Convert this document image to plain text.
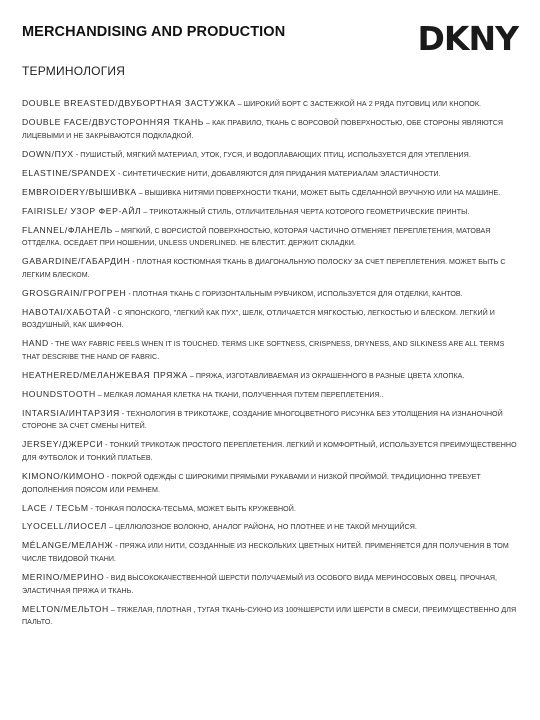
MERCHANDISING AND PRODUCTION	DKNY
ТЕРМИНОЛОГИЯ

DOUBLE BREASTED/ДВУБОРТНАЯ ЗАСТУЖКА – ШИРОКИЙ БОРТ С ЗАСТЕЖКОЙ НА 2 РЯДА ПУГОВИЦ ИЛИ КНОПОК.

DOUBLE FACE/ДВУСТОРОННЯЯ ТКАНЬ – КАК ПРАВИЛО, ТКАНЬ С ВОРСОВОЙ ПОВЕРХНОСТЬЮ, ОБЕ СТОРОНЫ ЯВЛЯЮТСЯ ЛИЦЕВЫМИ И НЕ ЗАКРЫВАЮТСЯ ПОДКЛАДКОЙ.

DOWN/ПУХ - ПУШИСТЫЙ, МЯГКИЙ МАТЕРИАЛ, УТОК, ГУСЯ, И ВОДОПЛАВАЮЩИХ ПТИЦ. ИСПОЛЬЗУЕТСЯ ДЛЯ УТЕПЛЕНИЯ.

ELASTINE/SPANDEX - СИНТЕТИЧЕСКИЕ НИТИ, ДОБАВЛЯЮТСЯ ДЛЯ ПРИДАНИЯ МАТЕРИАЛАМ ЭЛАСТИЧНОСТИ.

EMBROIDERY/ВЫШИВКА – ВЫШИВКА НИТЯМИ ПОВЕРХНОСТИ ТКАНИ, МОЖЕТ БЫТЬ СДЕЛАННОЙ ВРУЧНУЮ ИЛИ НА МАШИНЕ.

FAIRISLE/ УЗОР ФЕР-АЙЛ – ТРИКОТАЖНЫЙ СТИЛЬ, ОТЛИЧИТЕЛЬНАЯ ЧЕРТА КОТОРОГО ГЕОМЕТРИЧЕСКИЕ ПРИНТЫ.

FLANNEL/ФЛАНЕЛЬ – МЯГКИЙ, С ВОРСИСТОЙ ПОВЕРХНОСТЬЮ, КОТОРАЯ ЧАСТИЧНО ОТМЕНЯЕТ ПЕРЕПЛЕТЕНИЯ, МАТОВАЯ ОТТДЕЛКА. ОСЕДАЕТ ПРИ НОШЕНИИ, UNLESS UNDERLINED. НЕ БЛЕСТИТ. ДЕРЖИТ СКЛАДКИ.

GABARDINE/ГАБАРДИН - ПЛОТНАЯ КОСТЮМНАЯ ТКАНЬ В ДИАГОНАЛЬНУЮ ПОЛОСКУ ЗА СЧЕТ ПЕРЕПЛЕТЕНИЯ. МОЖЕТ БЫТЬ С ЛЕГКИМ БЛЕСКОМ.

GROSGRAIN/ГРОГРЕН - ПЛОТНАЯ ТКАНЬ С ГОРИЗОНТАЛЬНЫМ РУБЧИКОМ, ИСПОЛЬЗУЕТСЯ ДЛЯ ОТДЕЛКИ, КАНТОВ.

HABOTAI/ХАБОТАЙ - С ЯПОНСКОГО, "ЛЕГКИЙ КАК ПУХ", ШЕЛК, ОТЛИЧАЕТСЯ МЯГКОСТЬЮ, ЛЕГКОСТЬЮ И БЛЕСКОМ. ЛЕГКИЙ И ВОЗДУШНЫЙ, КАК ШИФФОН.

HAND - THE WAY FABRIC FEELS WHEN IT IS TOUCHED. TERMS LIKE SOFTNESS, CRISPNESS, DRYNESS, AND SILKINESS ARE ALL TERMS THAT DESCRIBE THE HAND OF FABRIC.

HEATHERED/МЕЛАНЖЕВАЯ ПРЯЖА – ПРЯЖА, ИЗГОТАВЛИВАЕМАЯ ИЗ ОКРАШЕННОГО В РАЗНЫЕ ЦВЕТА ХЛОПКА.

HOUNDSTOOTH – МЕЛКАЯ ЛОМАНАЯ КЛЕТКА НА ТКАНИ, ПОЛУЧЕННАЯ ПУТЕМ ПЕРЕПЛЕТЕНИЯ..

INTARSIA/ИНТАРЗИЯ - ТЕХНОЛОГИЯ В ТРИКОТАЖЕ, СОЗДАНИЕ МНОГОЦВЕТНОГО РИСУНКА БЕЗ УТОЛЩЕНИЯ НА ИЗНАНОЧНОЙ СТОРОНЕ ЗА СЧЕТ СМЕНЫ НИТЕЙ.

JERSEY/ДЖЕРСИ - ТОНКИЙ ТРИКОТАЖ ПРОСТОГО ПЕРЕПЛЕТЕНИЯ. ЛЕГКИЙ И КОМФОРТНЫЙ, ИСПОЛЬЗУЕТСЯ ПРЕИМУЩЕСТВЕННО ДЛЯ ФУТБОЛОК И ТОНКИЙ ПЛАТЬЕВ.

KIMONO/КИМОНО - ПОКРОЙ ОДЕЖДЫ С ШИРОКИМИ ПРЯМЫМИ РУКАВАМИ И НИЗКОЙ ПРОЙМОЙ. ТРАДИЦИОННО ТРЕБУЕТ ДОПОЛНЕНИЯ ПОЯСОМ ИЛИ РЕМНЕМ.

LACE / ТЕСЬМ - ТОНКАЯ ПОЛОСКА-ТЕСЬМА, МОЖЕТ БЫТЬ КРУЖЕВНОЙ.

LYOCELL/ЛИОСЕЛ – ЦЕЛЛЮЛОЗНОЕ ВОЛОКНО, АНАЛОГ РАЙОНА, НО ПЛОТНЕЕ И НЕ ТАКОЙ МНУЩИЙСЯ.

MÉLANGE/МЕЛАНЖ - ПРЯЖА ИЛИ НИТИ, СОЗДАННЫЕ ИЗ НЕСКОЛЬКИХ ЦВЕТНЫХ НИТЕЙ. ПРИМЕНЯЕТСЯ ДЛЯ ПОЛУЧЕНИЯ В ТОМ ЧИСЛЕ ТВИДОВОЙ ТКАНИ.

MERINO/МЕРИНО - ВИД ВЫСОКОКАЧЕСТВЕННОЙ ШЕРСТИ ПОЛУЧАЕМЫЙ ИЗ ОСОБОГО ВИДА МЕРИНОСОВЫХ ОВЕЦ. ПРОЧНАЯ, ЭЛАСТИЧНАЯ ПРЯЖА И ТКАНЬ.

MELTON/МЕЛЬТОН – ТЯЖЕЛАЯ, ПЛОТНАЯ , ТУГАЯ ТКАНЬ-СУКНО ИЗ 100%ШЕРСТИ ИЛИ ШЕРСТИ В СМЕСИ, ПРЕИМУЩЕСТВЕННО ДЛЯ ПАЛЬТО.
